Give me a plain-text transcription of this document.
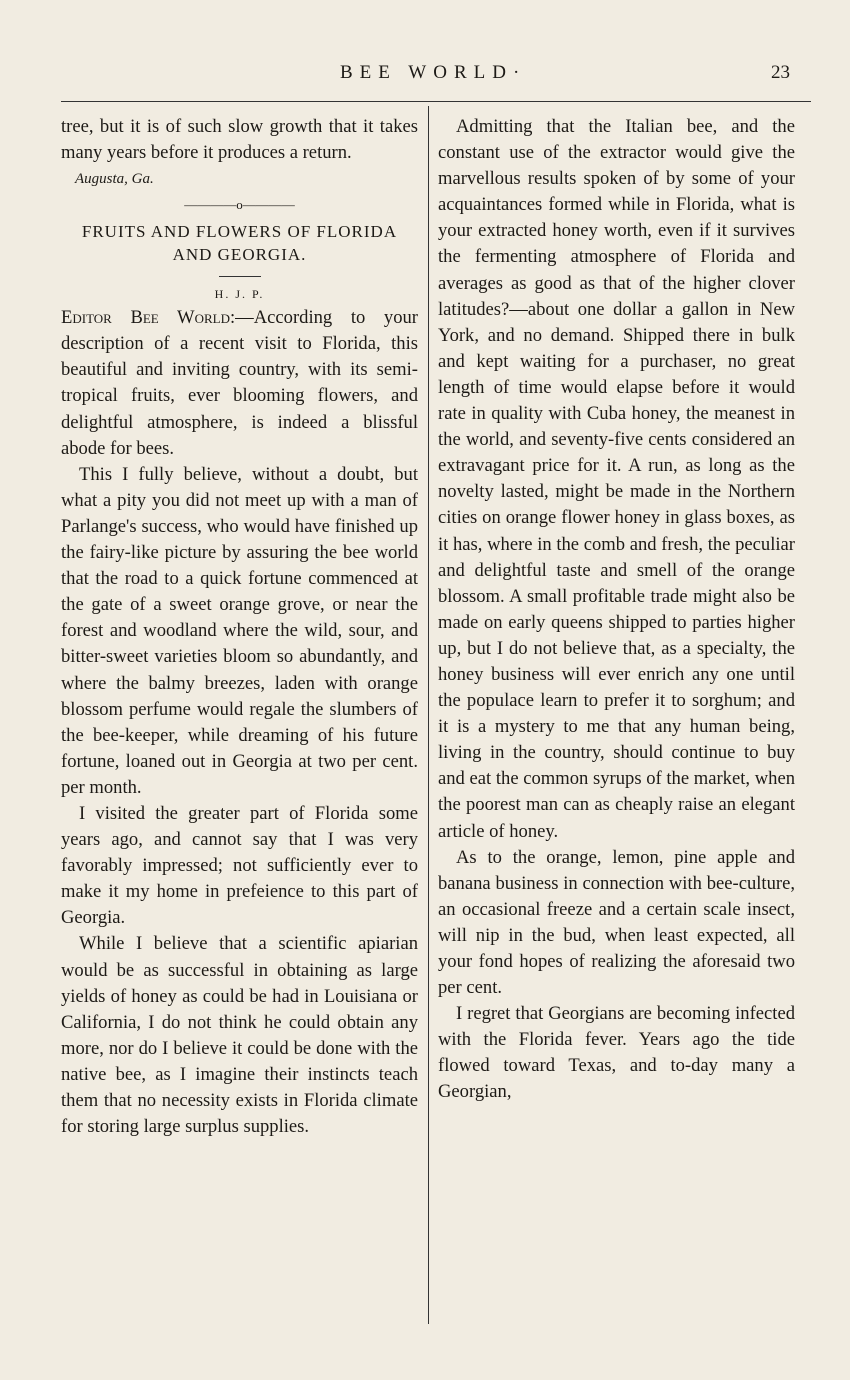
BEE WORLD·	23

tree, but it is of such slow growth that it takes many years before it produces a return.

Augusta, Ga.
————o————
FRUITS AND FLOWERS OF FLORIDA AND GEORGIA.
H. J. P.

Editor Bee World:—According to your description of a recent visit to Florida, this beautiful and inviting country, with its semi-tropical fruits, ever blooming flowers, and delightful atmosphere, is indeed a blissful abode for bees.

This I fully believe, without a doubt, but what a pity you did not meet up with a man of Parlange's success, who would have finished up the fairy-like picture by assuring the bee world that the road to a quick fortune commenced at the gate of a sweet orange grove, or near the forest and woodland where the wild, sour, and bitter-sweet varieties bloom so abundantly, and where the balmy breezes, laden with orange blossom perfume would regale the slumbers of the bee-keeper, while dreaming of his future fortune, loaned out in Georgia at two per cent. per month.

I visited the greater part of Florida some years ago, and cannot say that I was very favorably impressed; not sufficiently ever to make it my home in prefeience to this part of Georgia.

While I believe that a scientific apiarian would be as successful in obtaining as large yields of honey as could be had in Louisiana or California, I do not think he could obtain any more, nor do I believe it could be done with the native bee, as I imagine their instincts teach them that no necessity exists in Florida climate for storing large surplus supplies.

Admitting that the Italian bee, and the constant use of the extractor would give the marvellous results spoken of by some of your acquaintances formed while in Florida, what is your extracted honey worth, even if it survives the fermenting atmosphere of Florida and averages as good as that of the higher clover latitudes?—about one dollar a gallon in New York, and no demand. Shipped there in bulk and kept waiting for a purchaser, no great length of time would elapse before it would rate in quality with Cuba honey, the meanest in the world, and seventy-five cents considered an extravagant price for it. A run, as long as the novelty lasted, might be made in the Northern cities on orange flower honey in glass boxes, as it has, where in the comb and fresh, the peculiar and delightful taste and smell of the orange blossom. A small profitable trade might also be made on early queens shipped to parties higher up, but I do not believe that, as a specialty, the honey business will ever enrich any one until the populace learn to prefer it to sorghum; and it is a mystery to me that any human being, living in the country, should continue to buy and eat the common syrups of the market, when the poorest man can as cheaply raise an elegant article of honey.

As to the orange, lemon, pine apple and banana business in connection with bee-culture, an occasional freeze and a certain scale insect, will nip in the bud, when least expected, all your fond hopes of realizing the aforesaid two per cent.

I regret that Georgians are becoming infected with the Florida fever. Years ago the tide flowed toward Texas, and to-day many a Georgian,
